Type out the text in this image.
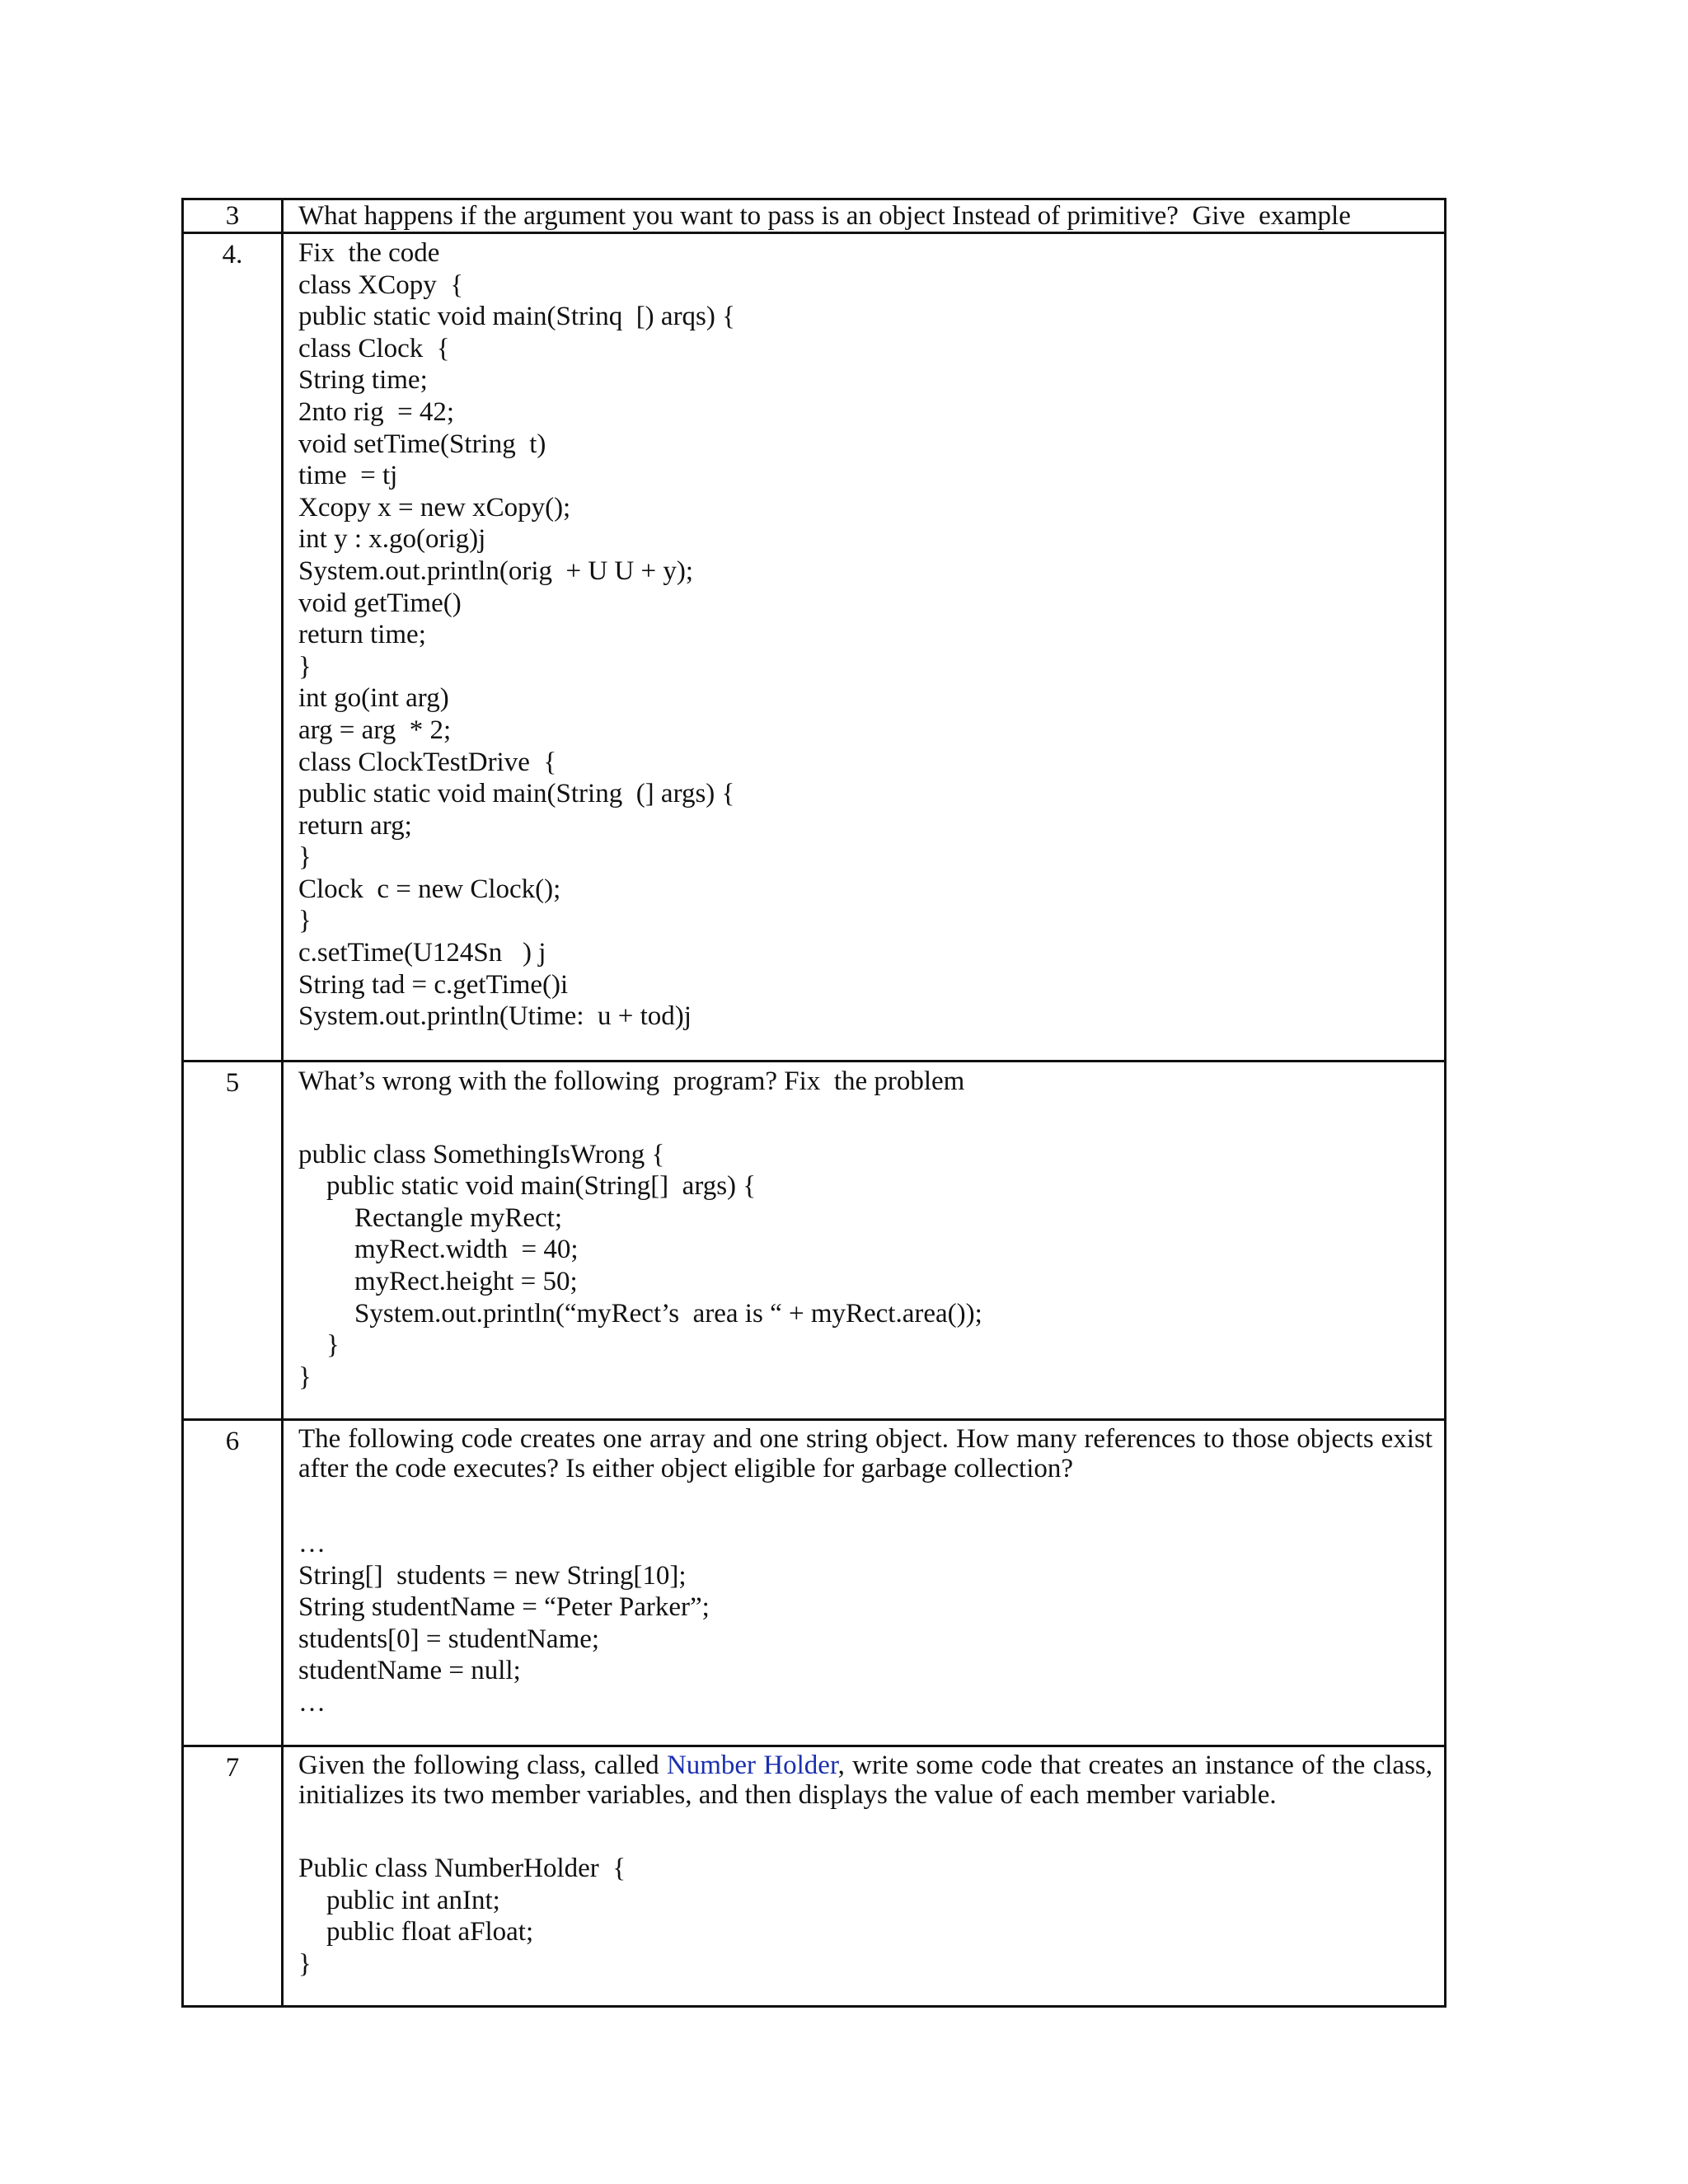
3	What happens if the argument you want to pass is an object Instead of primitive?  Give  example
4.	Fix  the code
class XCopy  {
public static void main(Strinq  [) arqs) {
class Clock  {
String time;
2nto rig  = 42;
void setTime(String  t)
time  = tj
Xcopy x = new xCopy();
int y : x.go(orig)j
System.out.println(orig  + U U + y);
void getTime()
return time;
}
int go(int arg)
arg = arg  * 2;
class ClockTestDrive  {
public static void main(String  (] args) {
return arg;
}
Clock  c = new Clock();
}
c.setTime(U124Sn   ) j
String tad = c.getTime()i
System.out.println(Utime:  u + tod)j
5	What’s wrong with the following  program? Fix  the problem
public class SomethingIsWrong {
public static void main(String[]  args) {
Rectangle myRect;
myRect.width  = 40;
myRect.height = 50;
System.out.println(“myRect’s  area is “ + myRect.area());
}
}
6	The following code creates one array and one string object. How many references to those objects exist after the code executes? Is either object eligible for garbage collection?
…
String[]  students = new String[10];
String studentName = “Peter Parker”;
students[0] = studentName;
studentName = null;
…
7	Given the following class, called Number Holder, write some code that creates an instance of the class, initializes its two member variables, and then displays the value of each member variable.
Public class NumberHolder  {
public int anInt;
public float aFloat;
}
